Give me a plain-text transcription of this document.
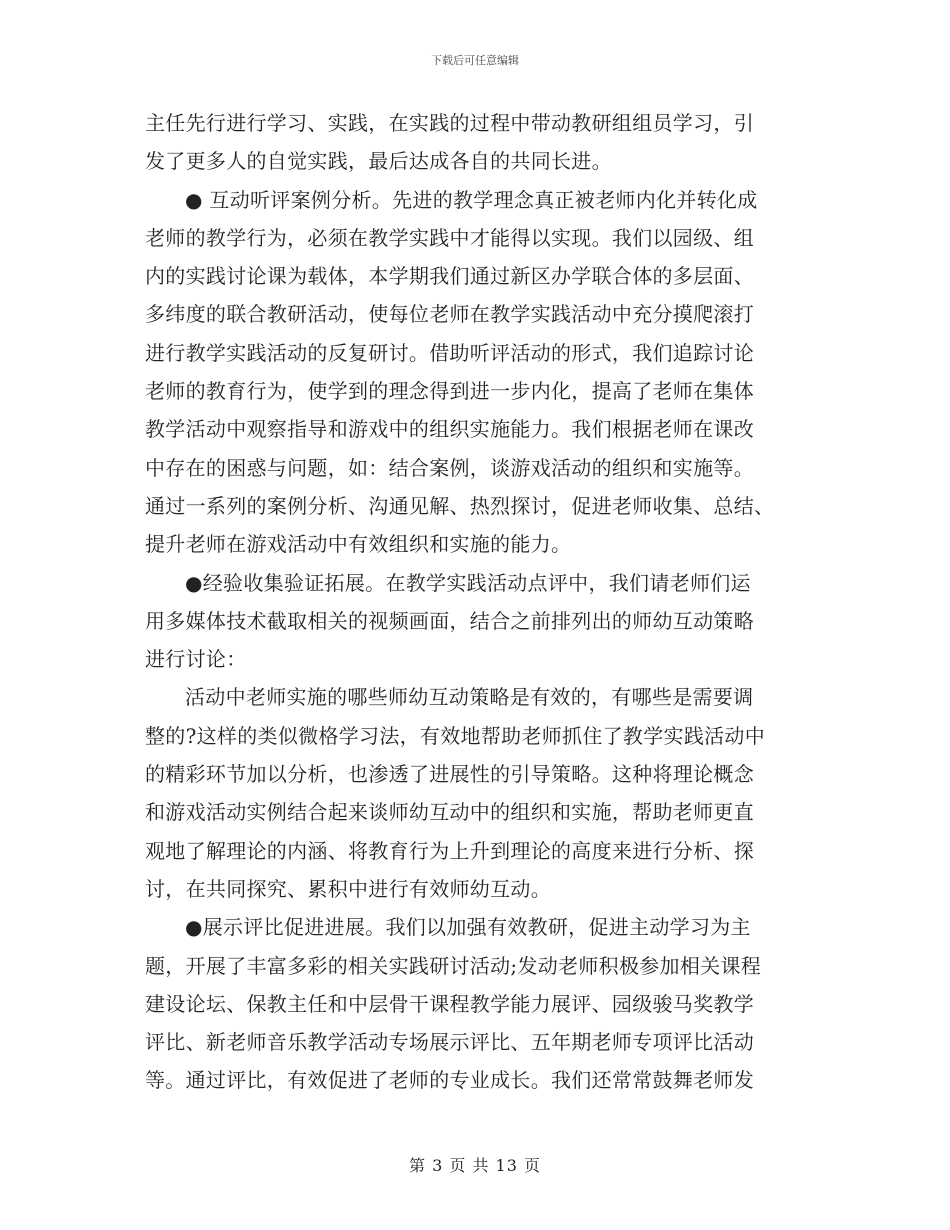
下载后可任意编辑
主任先行进行学习、实践，在实践的过程中带动教研组组员学习，引
发了更多人的自觉实践，最后达成各自的共同长进。
● 互动听评案例分析。先进的教学理念真正被老师内化并转化成
老师的教学行为，必须在教学实践中才能得以实现。我们以园级、组
内的实践讨论课为载体，本学期我们通过新区办学联合体的多层面、
多纬度的联合教研活动，使每位老师在教学实践活动中充分摸爬滚打
进行教学实践活动的反复研讨。借助听评活动的形式，我们追踪讨论
老师的教育行为，使学到的理念得到进一步内化，提高了老师在集体
教学活动中观察指导和游戏中的组织实施能力。我们根据老师在课改
中存在的困惑与问题，如：结合案例，谈游戏活动的组织和实施等。
通过一系列的案例分析、沟通见解、热烈探讨，促进老师收集、总结、
提升老师在游戏活动中有效组织和实施的能力。
●经验收集验证拓展。在教学实践活动点评中，我们请老师们运
用多媒体技术截取相关的视频画面，结合之前排列出的师幼互动策略
进行讨论：
活动中老师实施的哪些师幼互动策略是有效的，有哪些是需要调
整的?这样的类似微格学习法，有效地帮助老师抓住了教学实践活动中
的精彩环节加以分析，也渗透了进展性的引导策略。这种将理论概念
和游戏活动实例结合起来谈师幼互动中的组织和实施，帮助老师更直
观地了解理论的内涵、将教育行为上升到理论的高度来进行分析、探
讨，在共同探究、累积中进行有效师幼互动。
●展示评比促进进展。我们以加强有效教研，促进主动学习为主
题，开展了丰富多彩的相关实践研讨活动;发动老师积极参加相关课程
建设论坛、保教主任和中层骨干课程教学能力展评、园级骏马奖教学
评比、新老师音乐教学活动专场展示评比、五年期老师专项评比活动
等。通过评比，有效促进了老师的专业成长。我们还常常鼓舞老师发
第 3 页 共 13 页
